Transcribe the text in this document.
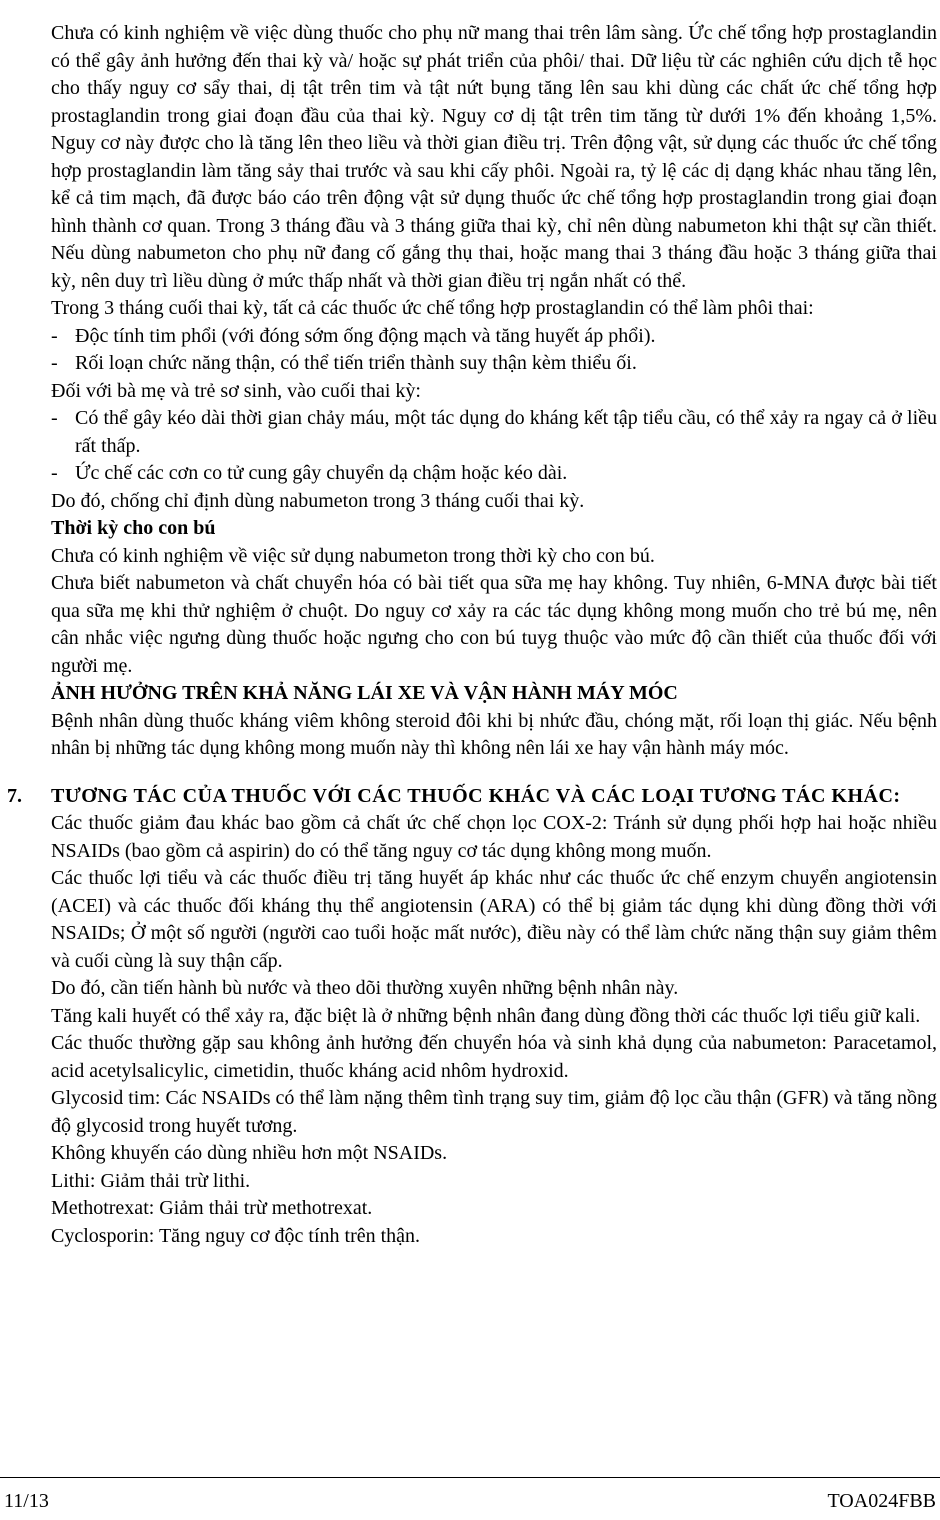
Chưa có kinh nghiệm về việc dùng thuốc cho phụ nữ mang thai trên lâm sàng. Ức chế tổng hợp prostaglandin có thể gây ảnh hưởng đến thai kỳ và/ hoặc sự phát triển của phôi/ thai. Dữ liệu từ các nghiên cứu dịch tễ học cho thấy nguy cơ sẩy thai, dị tật trên tim và tật nứt bụng tăng lên sau khi dùng các chất ức chế tổng hợp prostaglandin trong giai đoạn đầu của thai kỳ. Nguy cơ dị tật trên tim tăng từ dưới 1% đến khoảng 1,5%. Nguy cơ này được cho là tăng lên theo liều và thời gian điều trị. Trên động vật, sử dụng các thuốc ức chế tổng hợp prostaglandin làm tăng sảy thai trước và sau khi cấy phôi. Ngoài ra, tỷ lệ các dị dạng khác nhau tăng lên, kể cả tim mạch, đã được báo cáo trên động vật sử dụng thuốc ức chế tổng hợp prostaglandin trong giai đoạn hình thành cơ quan. Trong 3 tháng đầu và 3 tháng giữa thai kỳ, chỉ nên dùng nabumeton khi thật sự cần thiết. Nếu dùng nabumeton cho phụ nữ đang cố gắng thụ thai, hoặc mang thai 3 tháng đầu hoặc 3 tháng giữa thai kỳ, nên duy trì liều dùng ở mức thấp nhất và thời gian điều trị ngắn nhất có thể.

Trong 3 tháng cuối thai kỳ, tất cả các thuốc ức chế tổng hợp prostaglandin có thể làm phôi thai:

- Độc tính tim phổi (với đóng sớm ống động mạch và tăng huyết áp phổi).
- Rối loạn chức năng thận, có thể tiến triển thành suy thận kèm thiểu ối.

Đối với bà mẹ và trẻ sơ sinh, vào cuối thai kỳ:

- Có thể gây kéo dài thời gian chảy máu, một tác dụng do kháng kết tập tiểu cầu, có thể xảy ra ngay cả ở liều rất thấp.
- Ức chế các cơn co tử cung gây chuyển dạ chậm hoặc kéo dài.

Do đó, chống chỉ định dùng nabumeton trong 3 tháng cuối thai kỳ.

Thời kỳ cho con bú

Chưa có kinh nghiệm về việc sử dụng nabumeton trong thời kỳ cho con bú.

Chưa biết nabumeton và chất chuyển hóa có bài tiết qua sữa mẹ hay không. Tuy nhiên, 6-MNA được bài tiết qua sữa mẹ khi thử nghiệm ở chuột. Do nguy cơ xảy ra các tác dụng không mong muốn cho trẻ bú mẹ, nên cân nhắc việc ngưng dùng thuốc hoặc ngưng cho con bú tuyg thuộc vào mức độ cần thiết của thuốc đối với người mẹ.

ẢNH HƯỞNG TRÊN KHẢ NĂNG LÁI XE VÀ VẬN HÀNH MÁY MÓC

Bệnh nhân dùng thuốc kháng viêm không steroid đôi khi bị nhức đầu, chóng mặt, rối loạn thị giác. Nếu bệnh nhân bị những tác dụng không mong muốn này thì không nên lái xe hay vận hành máy móc.

7. TƯƠNG TÁC CỦA THUỐC VỚI CÁC THUỐC KHÁC VÀ CÁC LOẠI TƯƠNG TÁC KHÁC:

Các thuốc giảm đau khác bao gồm cả chất ức chế chọn lọc COX-2: Tránh sử dụng phối hợp hai hoặc nhiều NSAIDs (bao gồm cả aspirin) do có thể tăng nguy cơ tác dụng không mong muốn.

Các thuốc lợi tiểu và các thuốc điều trị tăng huyết áp khác như các thuốc ức chế enzym chuyển angiotensin (ACEI) và các thuốc đối kháng thụ thể angiotensin (ARA) có thể bị giảm tác dụng khi dùng đồng thời với NSAIDs; Ở một số người (người cao tuổi hoặc mất nước), điều này có thể làm chức năng thận suy giảm thêm và cuối cùng là suy thận cấp.

Do đó, cần tiến hành bù nước và theo dõi thường xuyên những bệnh nhân này.

Tăng kali huyết có thể xảy ra, đặc biệt là ở những bệnh nhân đang dùng đồng thời các thuốc lợi tiểu giữ kali.

Các thuốc thường gặp sau không ảnh hưởng đến chuyển hóa và sinh khả dụng của nabumeton: Paracetamol, acid acetylsalicylic, cimetidin, thuốc kháng acid nhôm hydroxid.

Glycosid tim: Các NSAIDs có thể làm nặng thêm tình trạng suy tim, giảm độ lọc cầu thận (GFR) và tăng nồng độ glycosid trong huyết tương.

Không khuyến cáo dùng nhiều hơn một NSAIDs.

Lithi: Giảm thải trừ lithi.

Methotrexat: Giảm thải trừ methotrexat.

Cyclosporin: Tăng nguy cơ độc tính trên thận.

11/13	TOA024FBB
